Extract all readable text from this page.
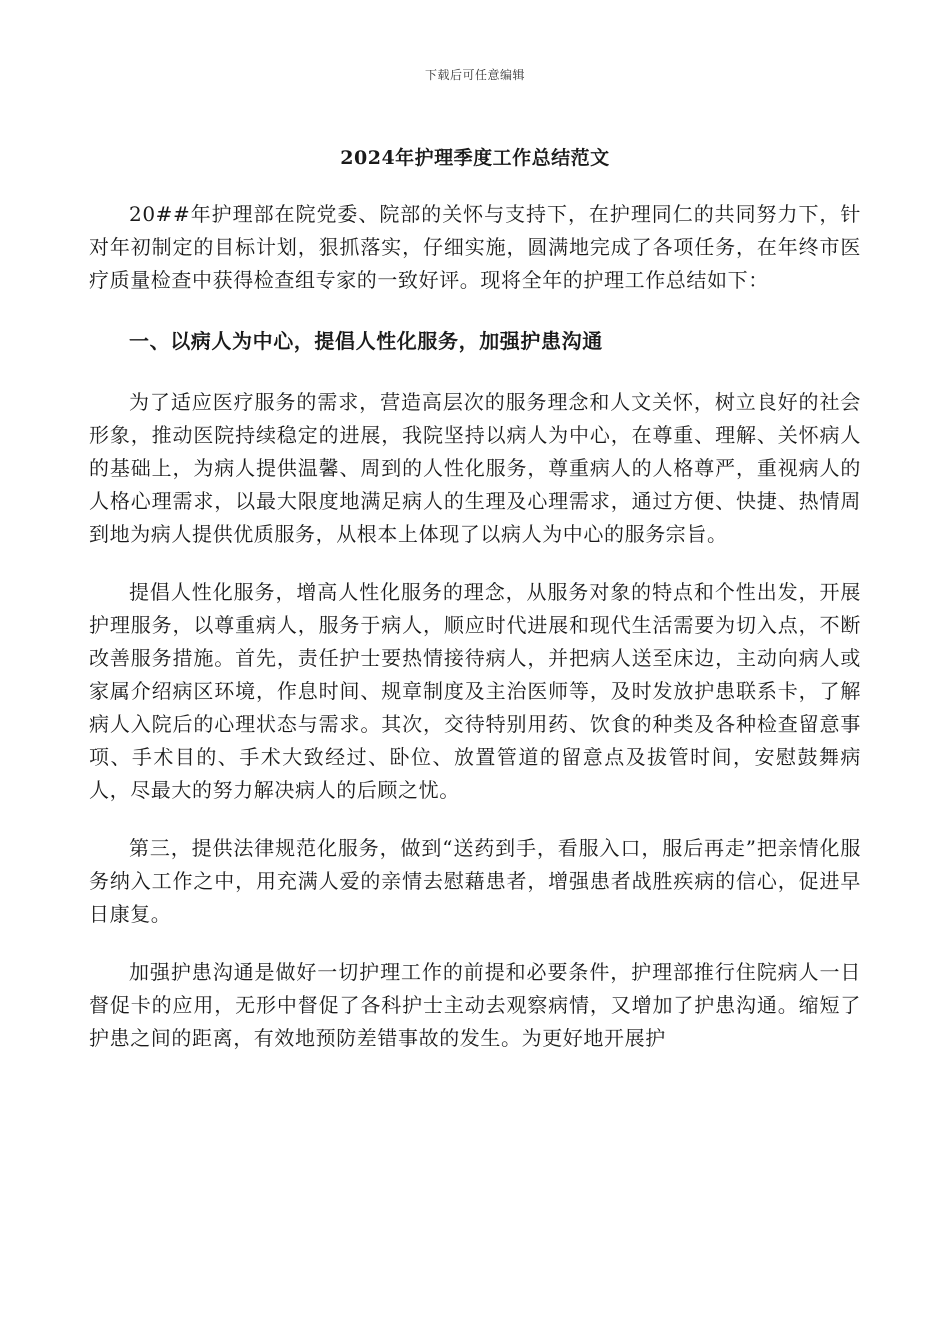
下载后可任意编辑
2024年护理季度工作总结范文

20##年护理部在院党委、院部的关怀与支持下，在护理同仁的共同努力下，针对年初制定的目标计划，狠抓落实，仔细实施，圆满地完成了各项任务，在年终市医疗质量检查中获得检查组专家的一致好评。现将全年的护理工作总结如下：

一、以病人为中心，提倡人性化服务，加强护患沟通

为了适应医疗服务的需求，营造高层次的服务理念和人文关怀，树立良好的社会形象，推动医院持续稳定的进展，我院坚持以病人为中心，在尊重、理解、关怀病人的基础上，为病人提供温馨、周到的人性化服务，尊重病人的人格尊严，重视病人的人格心理需求，以最大限度地满足病人的生理及心理需求，通过方便、快捷、热情周到地为病人提供优质服务，从根本上体现了以病人为中心的服务宗旨。

提倡人性化服务，增高人性化服务的理念，从服务对象的特点和个性出发，开展护理服务，以尊重病人，服务于病人，顺应时代进展和现代生活需要为切入点，不断改善服务措施。首先，责任护士要热情接待病人，并把病人送至床边，主动向病人或家属介绍病区环境，作息时间、规章制度及主治医师等，及时发放护患联系卡，了解病人入院后的心理状态与需求。其次，交待特别用药、饮食的种类及各种检查留意事项、手术目的、手术大致经过、卧位、放置管道的留意点及拔管时间，安慰鼓舞病人，尽最大的努力解决病人的后顾之忧。

第三，提供法律规范化服务，做到“送药到手，看服入口，服后再走”把亲情化服务纳入工作之中，用充满人爱的亲情去慰藉患者，增强患者战胜疾病的信心，促进早日康复。

加强护患沟通是做好一切护理工作的前提和必要条件，护理部推行住院病人一日督促卡的应用，无形中督促了各科护士主动去观察病情，又增加了护患沟通。缩短了护患之间的距离，有效地预防差错事故的发生。为更好地开展护
